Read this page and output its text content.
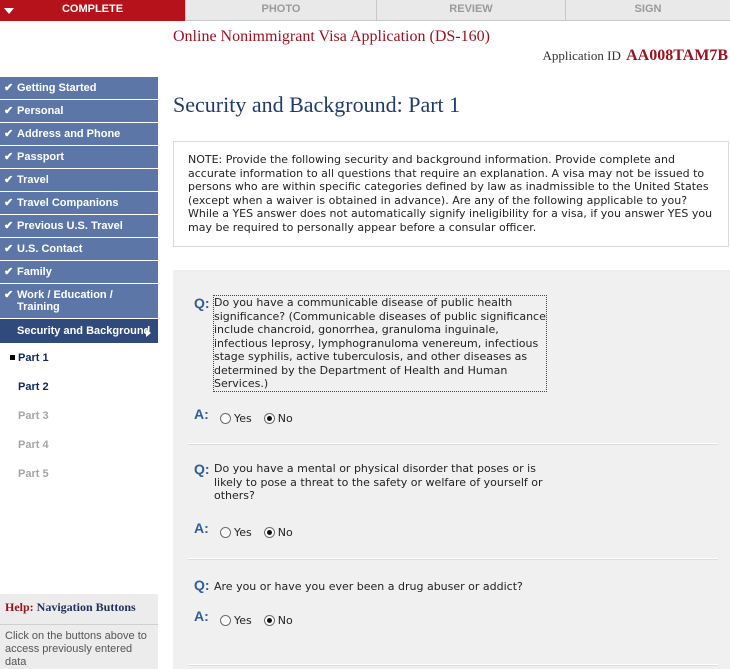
COMPLETE	PHOTO	REVIEW	SIGN
Online Nonimmigrant Visa Application (DS-160)
Application ID AA008TAM7B
✔ Getting Started
✔ Personal
✔ Address and Phone
✔ Passport
✔ Travel
✔ Travel Companions
✔ Previous U.S. Travel
✔ U.S. Contact
✔ Family
✔ Work / Education / Training
Security and Background
Part 1
Part 2
Part 3
Part 4
Part 5
Help: Navigation Buttons
Click on the buttons above to access previously entered data
Security and Background: Part 1
NOTE: Provide the following security and background information. Provide complete and accurate information to all questions that require an explanation. A visa may not be issued to persons who are within specific categories defined by law as inadmissible to the United States (except when a waiver is obtained in advance). Are any of the following applicable to you? While a YES answer does not automatically signify ineligibility for a visa, if you answer YES you may be required to personally appear before a consular officer.
Q: Do you have a communicable disease of public health significance? (Communicable diseases of public significance include chancroid, gonorrhea, granuloma inguinale, infectious leprosy, lymphogranuloma venereum, infectious stage syphilis, active tuberculosis, and other diseases as determined by the Department of Health and Human Services.)
A: Yes No
Q: Do you have a mental or physical disorder that poses or is likely to pose a threat to the safety or welfare of yourself or others?
A: Yes No
Q: Are you or have you ever been a drug abuser or addict?
A: Yes No
